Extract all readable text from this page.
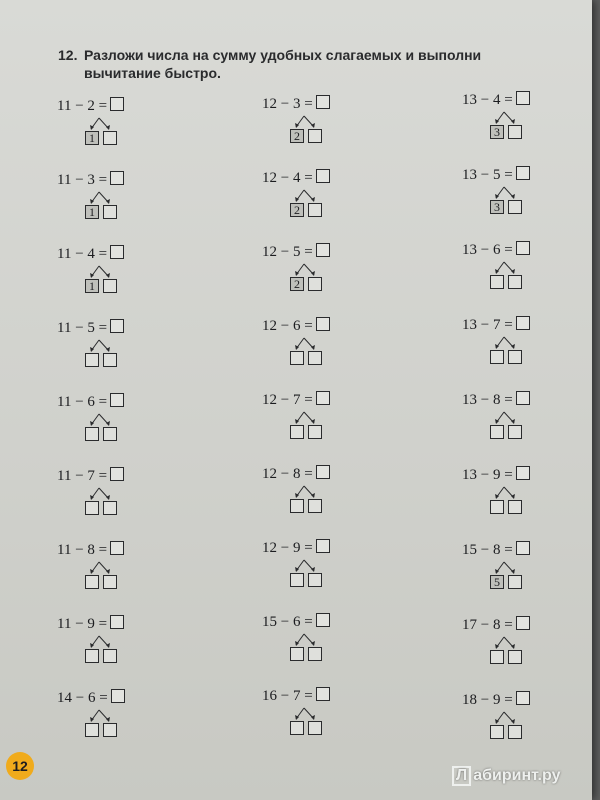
12. Разложи числа на сумму удобных слагаемых и выполни
вычитание быстро.
11 − 2 =
1
11 − 3 =
1
11 − 4 =
1
11 − 5 =
11 − 6 =
11 − 7 =
11 − 8 =
11 − 9 =
14 − 6 =
12 − 3 =
2
12 − 4 =
2
12 − 5 =
2
12 − 6 =
12 − 7 =
12 − 8 =
12 − 9 =
15 − 6 =
16 − 7 =
13 − 4 =
3
13 − 5 =
3
13 − 6 =
13 − 7 =
13 − 8 =
13 − 9 =
15 − 8 =
5
17 − 8 =
18 − 9 =
12
Л абиринт.ру
